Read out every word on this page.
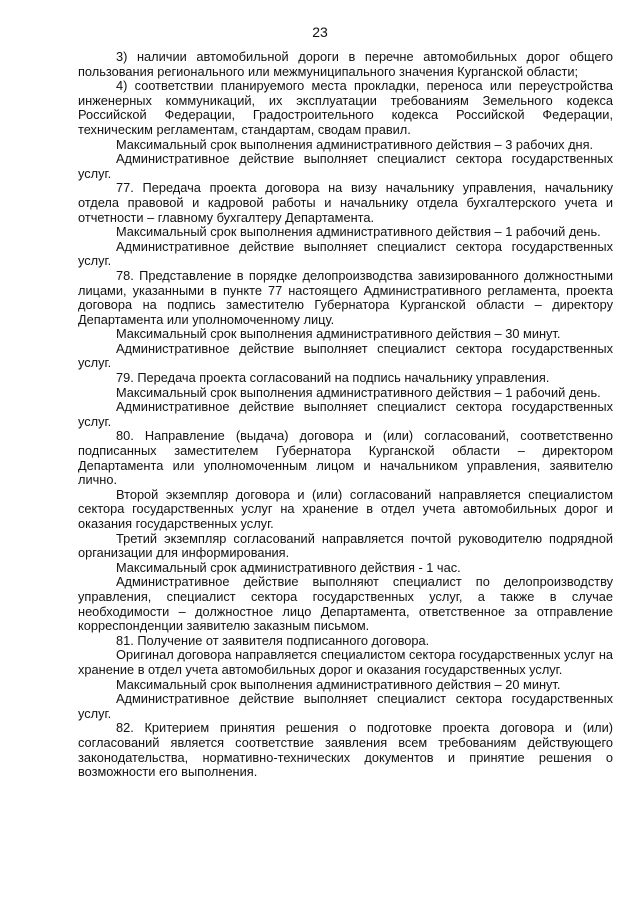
23

3) наличии автомобильной дороги в перечне автомобильных дорог общего пользования регионального или межмуниципального значения Курганской области;

4) соответствии планируемого места прокладки, переноса или переустройства инженерных коммуникаций, их эксплуатации требованиям Земельного кодекса Российской Федерации, Градостроительного кодекса Российской Федерации, техническим регламентам, стандартам, сводам правил.

Максимальный срок выполнения административного действия – 3 рабочих дня.

Административное действие выполняет специалист сектора государственных услуг.

77. Передача проекта договора на визу начальнику управления, начальнику отдела правовой и кадровой работы и начальнику отдела бухгалтерского учета и отчетности – главному бухгалтеру Департамента.

Максимальный срок выполнения административного действия – 1 рабочий день.

Административное действие выполняет специалист сектора государственных услуг.

78. Представление в порядке делопроизводства завизированного должностными лицами, указанными в пункте 77 настоящего Административного регламента, проекта договора на подпись заместителю Губернатора Курганской области – директору Департамента или уполномоченному лицу.

Максимальный срок выполнения административного действия – 30 минут.

Административное действие выполняет специалист сектора государственных услуг.

79. Передача проекта согласований на подпись начальнику управления.

Максимальный срок выполнения административного действия – 1 рабочий день.

Административное действие выполняет специалист сектора государственных услуг.

80. Направление (выдача) договора и (или) согласований, соответственно подписанных заместителем Губернатора Курганской области – директором Департамента или уполномоченным лицом и начальником управления, заявителю лично.

Второй экземпляр договора и (или) согласований направляется специалистом сектора государственных услуг на хранение в отдел учета автомобильных дорог и оказания государственных услуг.

Третий экземпляр согласований направляется почтой руководителю подрядной организации для информирования.

Максимальный срок административного действия - 1 час.

Административное действие выполняют специалист по делопроизводству управления, специалист сектора государственных услуг, а также в случае необходимости – должностное лицо Департамента, ответственное за отправление корреспонденции заявителю заказным письмом.

81. Получение от заявителя подписанного договора.

Оригинал договора направляется специалистом сектора государственных услуг на хранение в отдел учета автомобильных дорог и оказания государственных услуг.

Максимальный срок выполнения административного действия – 20 минут.

Административное действие выполняет специалист сектора государственных услуг.

82. Критерием принятия решения о подготовке проекта договора и (или) согласований является соответствие заявления всем требованиям действующего законодательства, нормативно-технических документов и принятие решения о возможности его выполнения.
